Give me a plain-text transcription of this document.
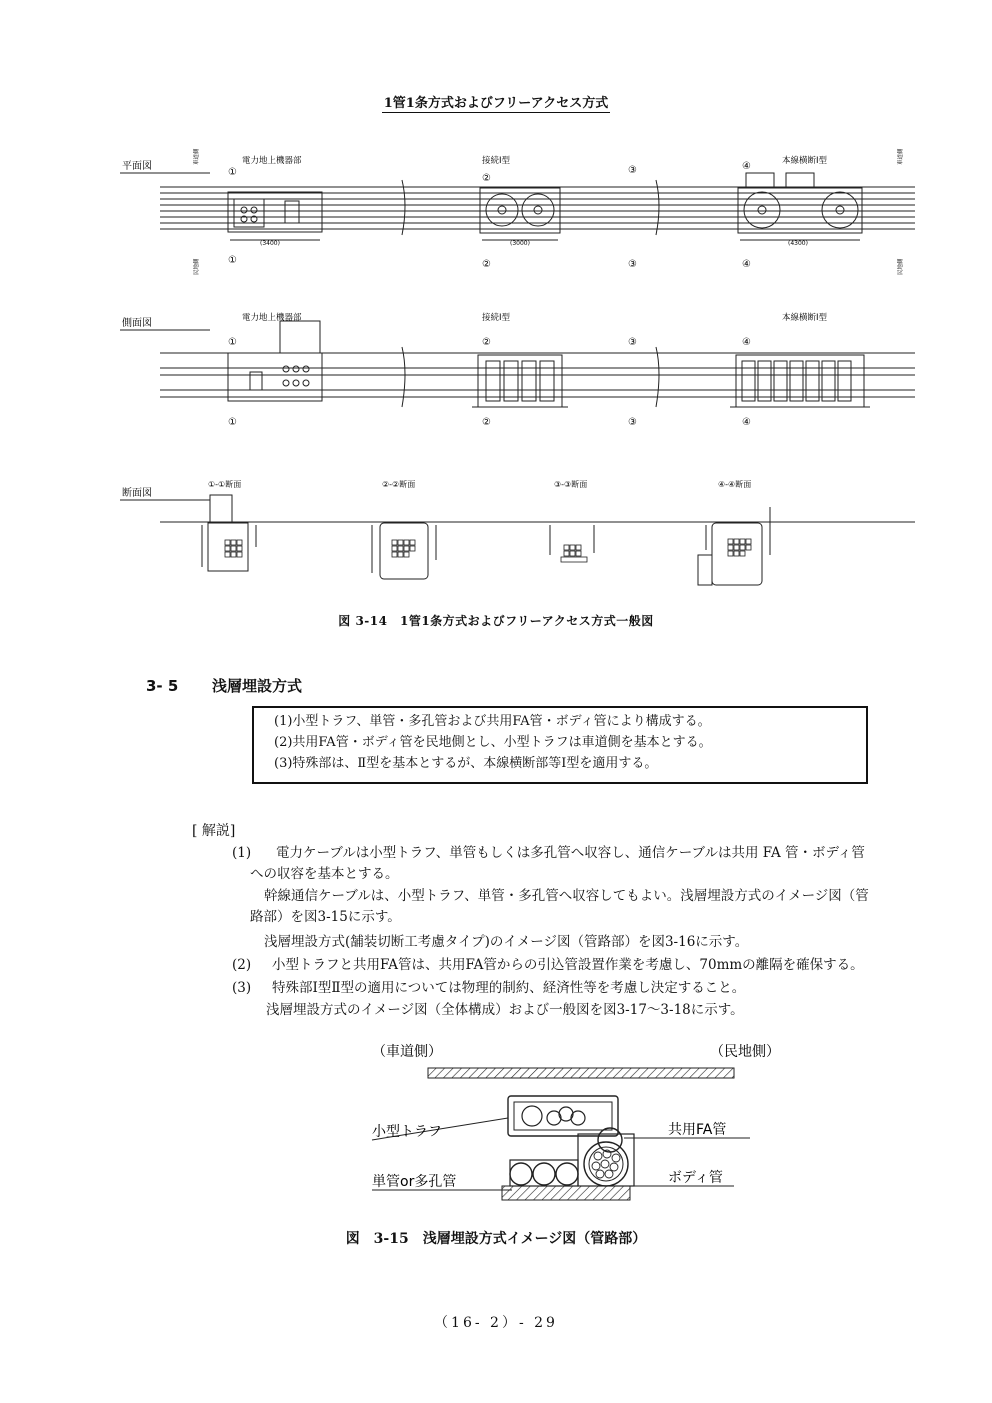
1管1条方式およびフリーアクセス方式
平面図
側面図
断面図
電力地上機器部	接続Ⅰ型	本線横断Ⅰ型
車道側	車道側
民地側	民地側
①
②
③	④
①	②	③	④
(3400)	(3000)	(4300)
電力地上機器部	接続Ⅰ型	本線横断Ⅰ型
①	②	③	④
①	②	③	④
①-①断面	②-②断面	③-③断面	④-④断面
図 3-14　1管1条方式およびフリーアクセス方式一般図
3- 5 浅層埋設方式
(1)小型トラフ、単管・多孔管および共用FA管・ボディ管により構成する。
(2)共用FA管・ボディ管を民地側とし、小型トラフは車道側を基本とする。
(3)特殊部は、Ⅱ型を基本とするが、本線横断部等Ⅰ型を適用する。
[ 解説]
(1) 電力ケーブルは小型トラフ、単管もしくは多孔管へ収容し、通信ケーブルは共用 FA 管・ボディ管
への収容を基本とする。
幹線通信ケーブルは、小型トラフ、単管・多孔管へ収容してもよい。浅層埋設方式のイメージ図（管
路部）を図3-15に示す。
浅層埋設方式(舗装切断工考慮タイプ)のイメージ図（管路部）を図3-16に示す。
(2) 小型トラフと共用FA管は、共用FA管からの引込管設置作業を考慮し、70mmの離隔を確保する。
(3) 特殊部Ⅰ型Ⅱ型の適用については物理的制約、経済性等を考慮し決定すること。
浅層埋設方式のイメージ図（全体構成）および一般図を図3-17～3-18に示す。
（車道側）	（民地側）
小型トラフ	共用FA管
単管or多孔管	ボディ管
図　3-15　浅層埋設方式イメージ図（管路部）
（16- 2）- 29
